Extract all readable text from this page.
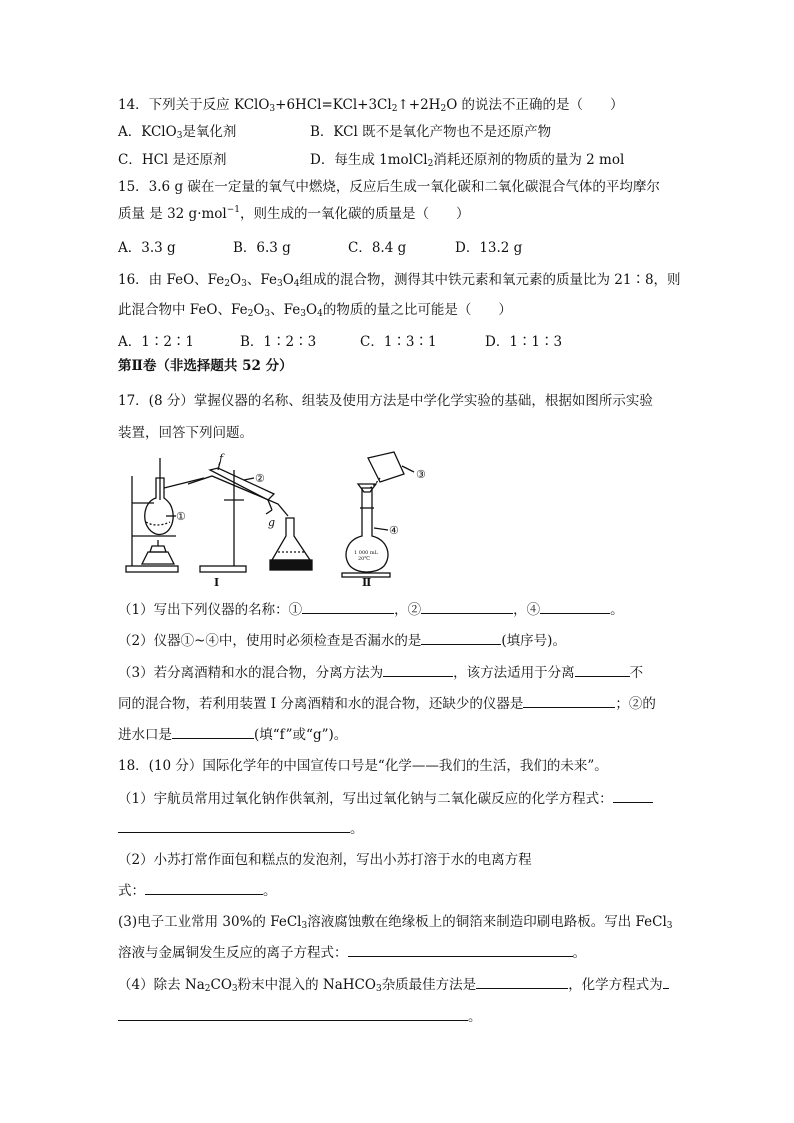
14．下列关于反应 $KClO_3+6HCl=KCl+3Cl_2↑+2H_2O$ 的说法不正确的是（　　）
A．KClO$_3$是氧化剂	B．KCl 既不是氧化产物也不是还原产物
C．HCl 是还原剂	D．每生成 1molCl$_2$消耗还原剂的物质的量为 2 mol
15．3.6 g 碳在一定量的氧气中燃烧，反应后生成一氧化碳和二氧化碳混合气体的平均摩尔
质量 是 32 g·mol$^{-1}$，则生成的一氧化碳的质量是（　　）
A．3.3 g	B．6.3 g	C．8.4 g	D．13.2 g
16．由 FeO、$Fe_2O_3$、$Fe_3O_4$组成的混合物，测得其中铁元素和氧元素的质量比为 21∶8，则
此混合物中 FeO、$Fe_2O_3$、$Fe_3O_4$的物质的量之比可能是（　　）
A．1∶2∶1	B．1∶2∶3	C．1∶3∶1	D．1∶1∶3
第Ⅱ卷（非选择题共 52 分）
17．(8 分）掌握仪器的名称、组装及使用方法是中学化学实验的基础，根据如图所示实验
装置，回答下列问题。
①
②	③
④
f
g
I	Ⅱ
1 000 mL
20℃
（1）写出下列仪器的名称：①	，②	，④	。
（2）仪器①~④中，使用时必须检查是否漏水的是	(填序号)。
（3）若分离酒精和水的混合物，分离方法为	，该方法适用于分离	不
同的混合物，若利用装置 I 分离酒精和水的混合物，还缺少的仪器是	；②的
进水口是	(填“f”或“g”)。
18．(10 分）国际化学年的中国宣传口号是“化学——我们的生活，我们的未来”。
（1）宇航员常用过氧化钠作供氧剂，写出过氧化钠与二氧化碳反应的化学方程式：
。
（2）小苏打常作面包和糕点的发泡剂，写出小苏打溶于水的电离方程
式：	。
(3)电子工业常用 30%的 FeCl$_3$溶液腐蚀敷在绝缘板上的铜箔来制造印刷电路板。写出 FeCl$_3$
溶液与金属铜发生反应的离子方程式：	。
（4）除去 $Na_2CO_3$粉末中混入的 NaHCO$_3$杂质最佳方法是	，化学方程式为
。
